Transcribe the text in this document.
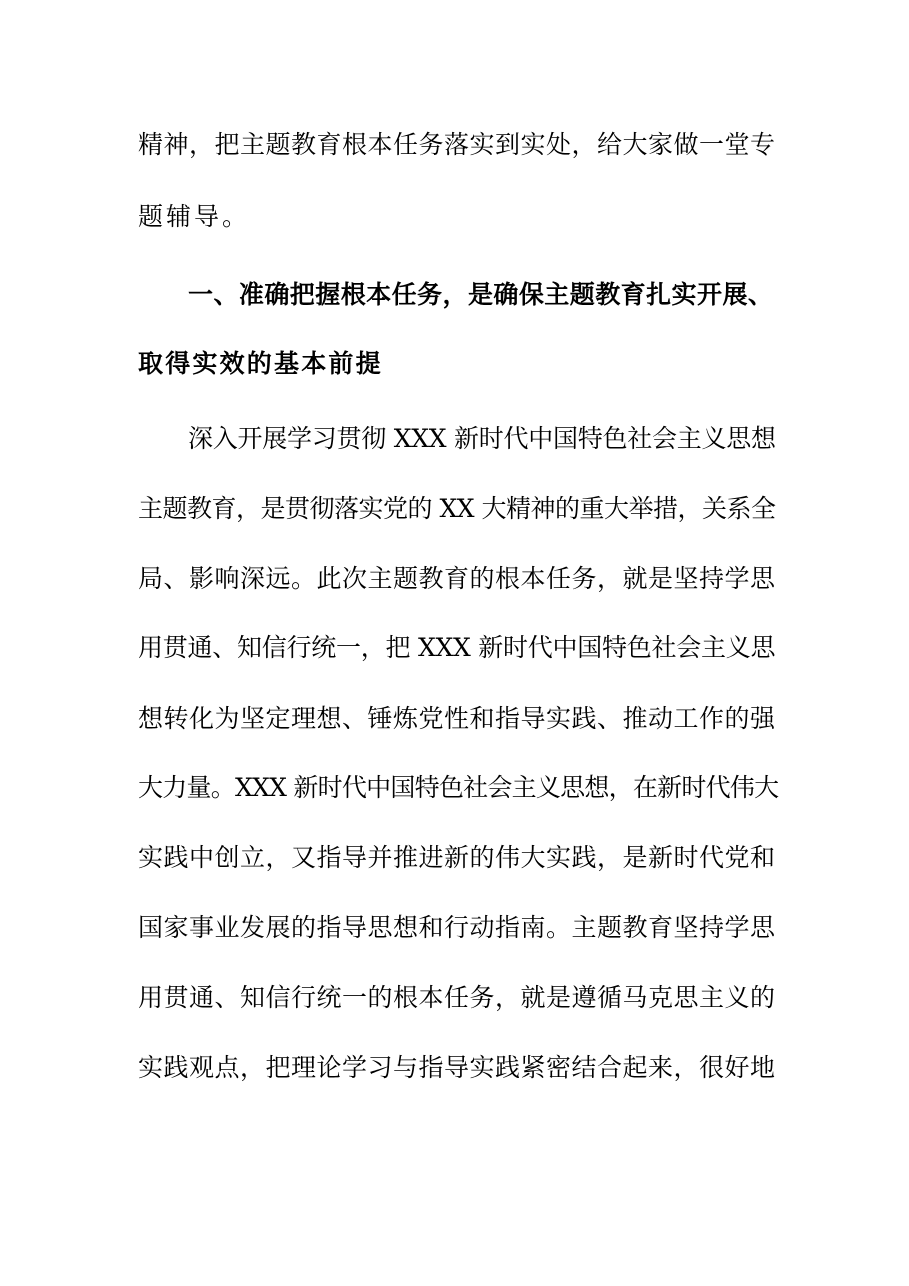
精神，把主题教育根本任务落实到实处，给大家做一堂专
题辅导。
一、准确把握根本任务，是确保主题教育扎实开展、
取得实效的基本前提
深入开展学习贯彻 XXX 新时代中国特色社会主义思想
主题教育，是贯彻落实党的 XX 大精神的重大举措，关系全
局、影响深远。此次主题教育的根本任务，就是坚持学思
用贯通、知信行统一，把 XXX 新时代中国特色社会主义思
想转化为坚定理想、锤炼党性和指导实践、推动工作的强
大力量。XXX 新时代中国特色社会主义思想，在新时代伟大
实践中创立，又指导并推进新的伟大实践，是新时代党和
国家事业发展的指导思想和行动指南。主题教育坚持学思
用贯通、知信行统一的根本任务，就是遵循马克思主义的
实践观点，把理论学习与指导实践紧密结合起来，很好地
